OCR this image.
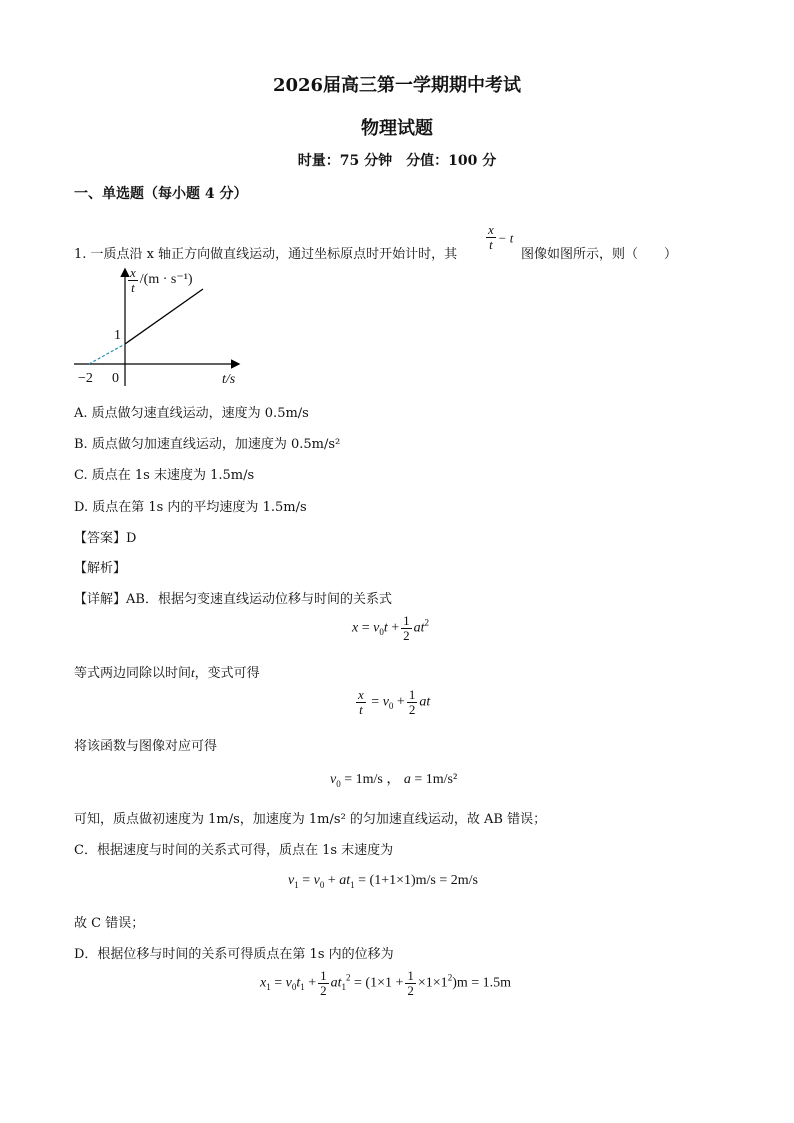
2026届高三第一学期期中考试
物理试题
时量：75 分钟　分值：100 分
一、单选题（每小题 4 分）
1. 一质点沿 x 轴正方向做直线运动，通过坐标原点时开始计时，其
$\frac{x}{t} - t$
图像如图所示，则（　　）
$\frac{x}{t} /(m \cdot s^{-1})$
t/s
−2 0
1
A. 质点做匀速直线运动，速度为 0.5m/s
B. 质点做匀加速直线运动，加速度为 0.5m/s²
C. 质点在 1s 末速度为 1.5m/s
D. 质点在第 1s 内的平均速度为 1.5m/s
【答案】D
【解析】
【详解】AB．根据匀变速直线运动位移与时间的关系式
$x = v_0t + \frac{1}{2} at^2$
等式两边同除以时间t，变式可得
$\frac{x}{t} = v_0 + \frac{1}{2}$ at
将该函数与图像对应可得
$v_0 = 1m/s$ ， a = 1m/s²
可知，质点做初速度为 1m/s，加速度为 1m/s² 的匀加速直线运动，故 AB 错误；
C．根据速度与时间的关系式可得，质点在 1s 末速度为
$v_1 = v_0 + at_1 = (1+1\times 1)m/s = 2m/s$
故 C 错误；
D．根据位移与时间的关系可得质点在第 1s 内的位移为
$x_1 = v_0t_1 + \frac{1}{2} at_1^2 = (1\times 1 + \frac{1}{2} \times 1\times 1^2)m = 1.5m$
